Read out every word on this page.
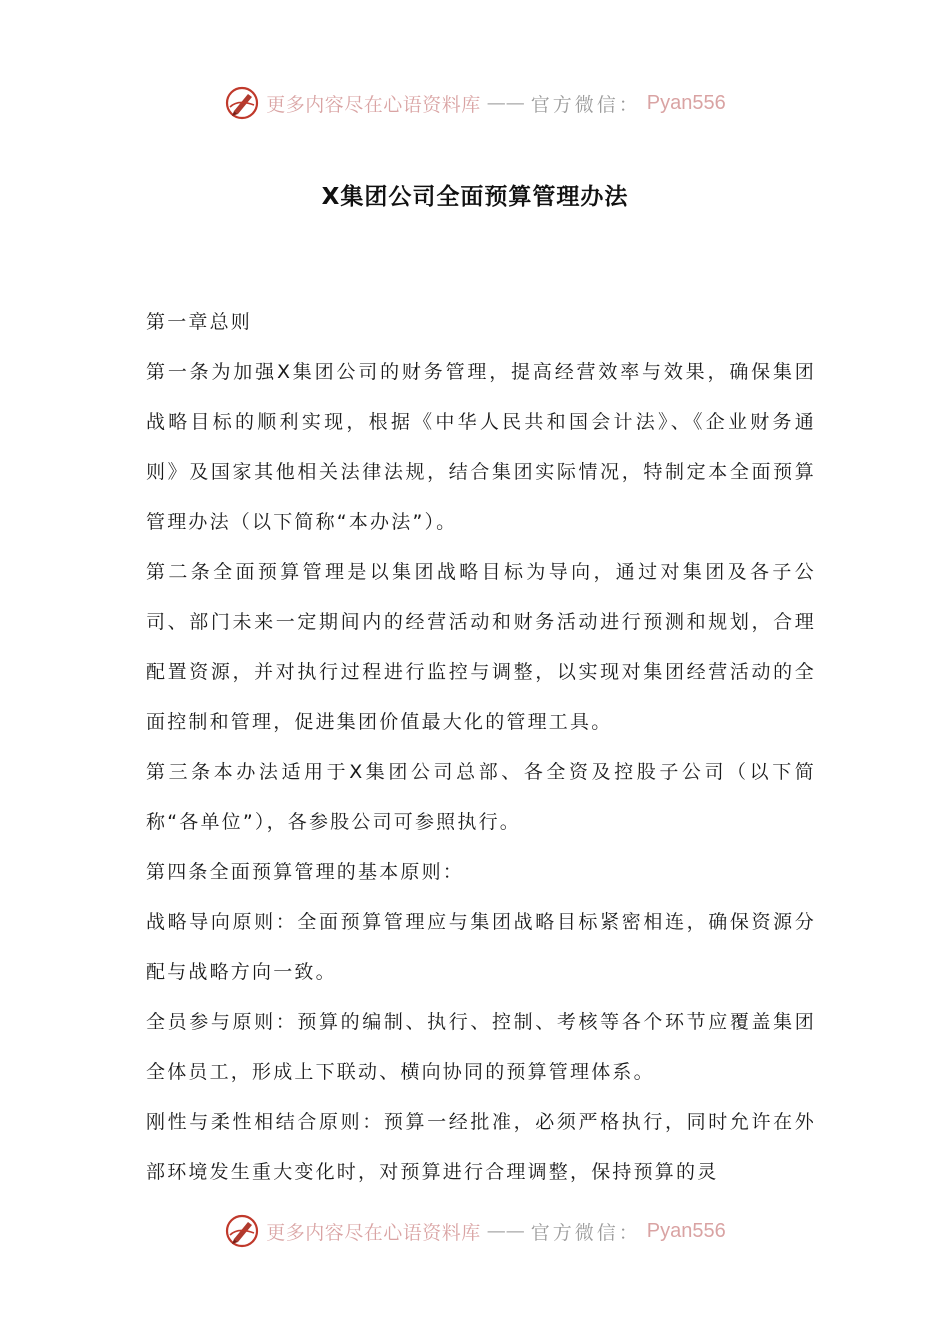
更多内容尽在心语资料库 —— 官方微信： Pyan556
X集团公司全面预算管理办法

第一章总则

第一条为加强X集团公司的财务管理，提高经营效率与效果，确保集团战略目标的顺利实现，根据《中华人民共和国会计法》、《企业财务通则》及国家其他相关法律法规，结合集团实际情况，特制定本全面预算管理办法（以下简称“本办法”）。

第二条全面预算管理是以集团战略目标为导向，通过对集团及各子公司、部门未来一定期间内的经营活动和财务活动进行预测和规划，合理配置资源，并对执行过程进行监控与调整，以实现对集团经营活动的全面控制和管理，促进集团价值最大化的管理工具。

第三条本办法适用于X集团公司总部、各全资及控股子公司（以下简称“各单位”），各参股公司可参照执行。

第四条全面预算管理的基本原则：

战略导向原则：全面预算管理应与集团战略目标紧密相连，确保资源分配与战略方向一致。

全员参与原则：预算的编制、执行、控制、考核等各个环节应覆盖集团全体员工，形成上下联动、横向协同的预算管理体系。

刚性与柔性相结合原则：预算一经批准，必须严格执行，同时允许在外部环境发生重大变化时，对预算进行合理调整，保持预算的灵

更多内容尽在心语资料库 —— 官方微信： Pyan556
